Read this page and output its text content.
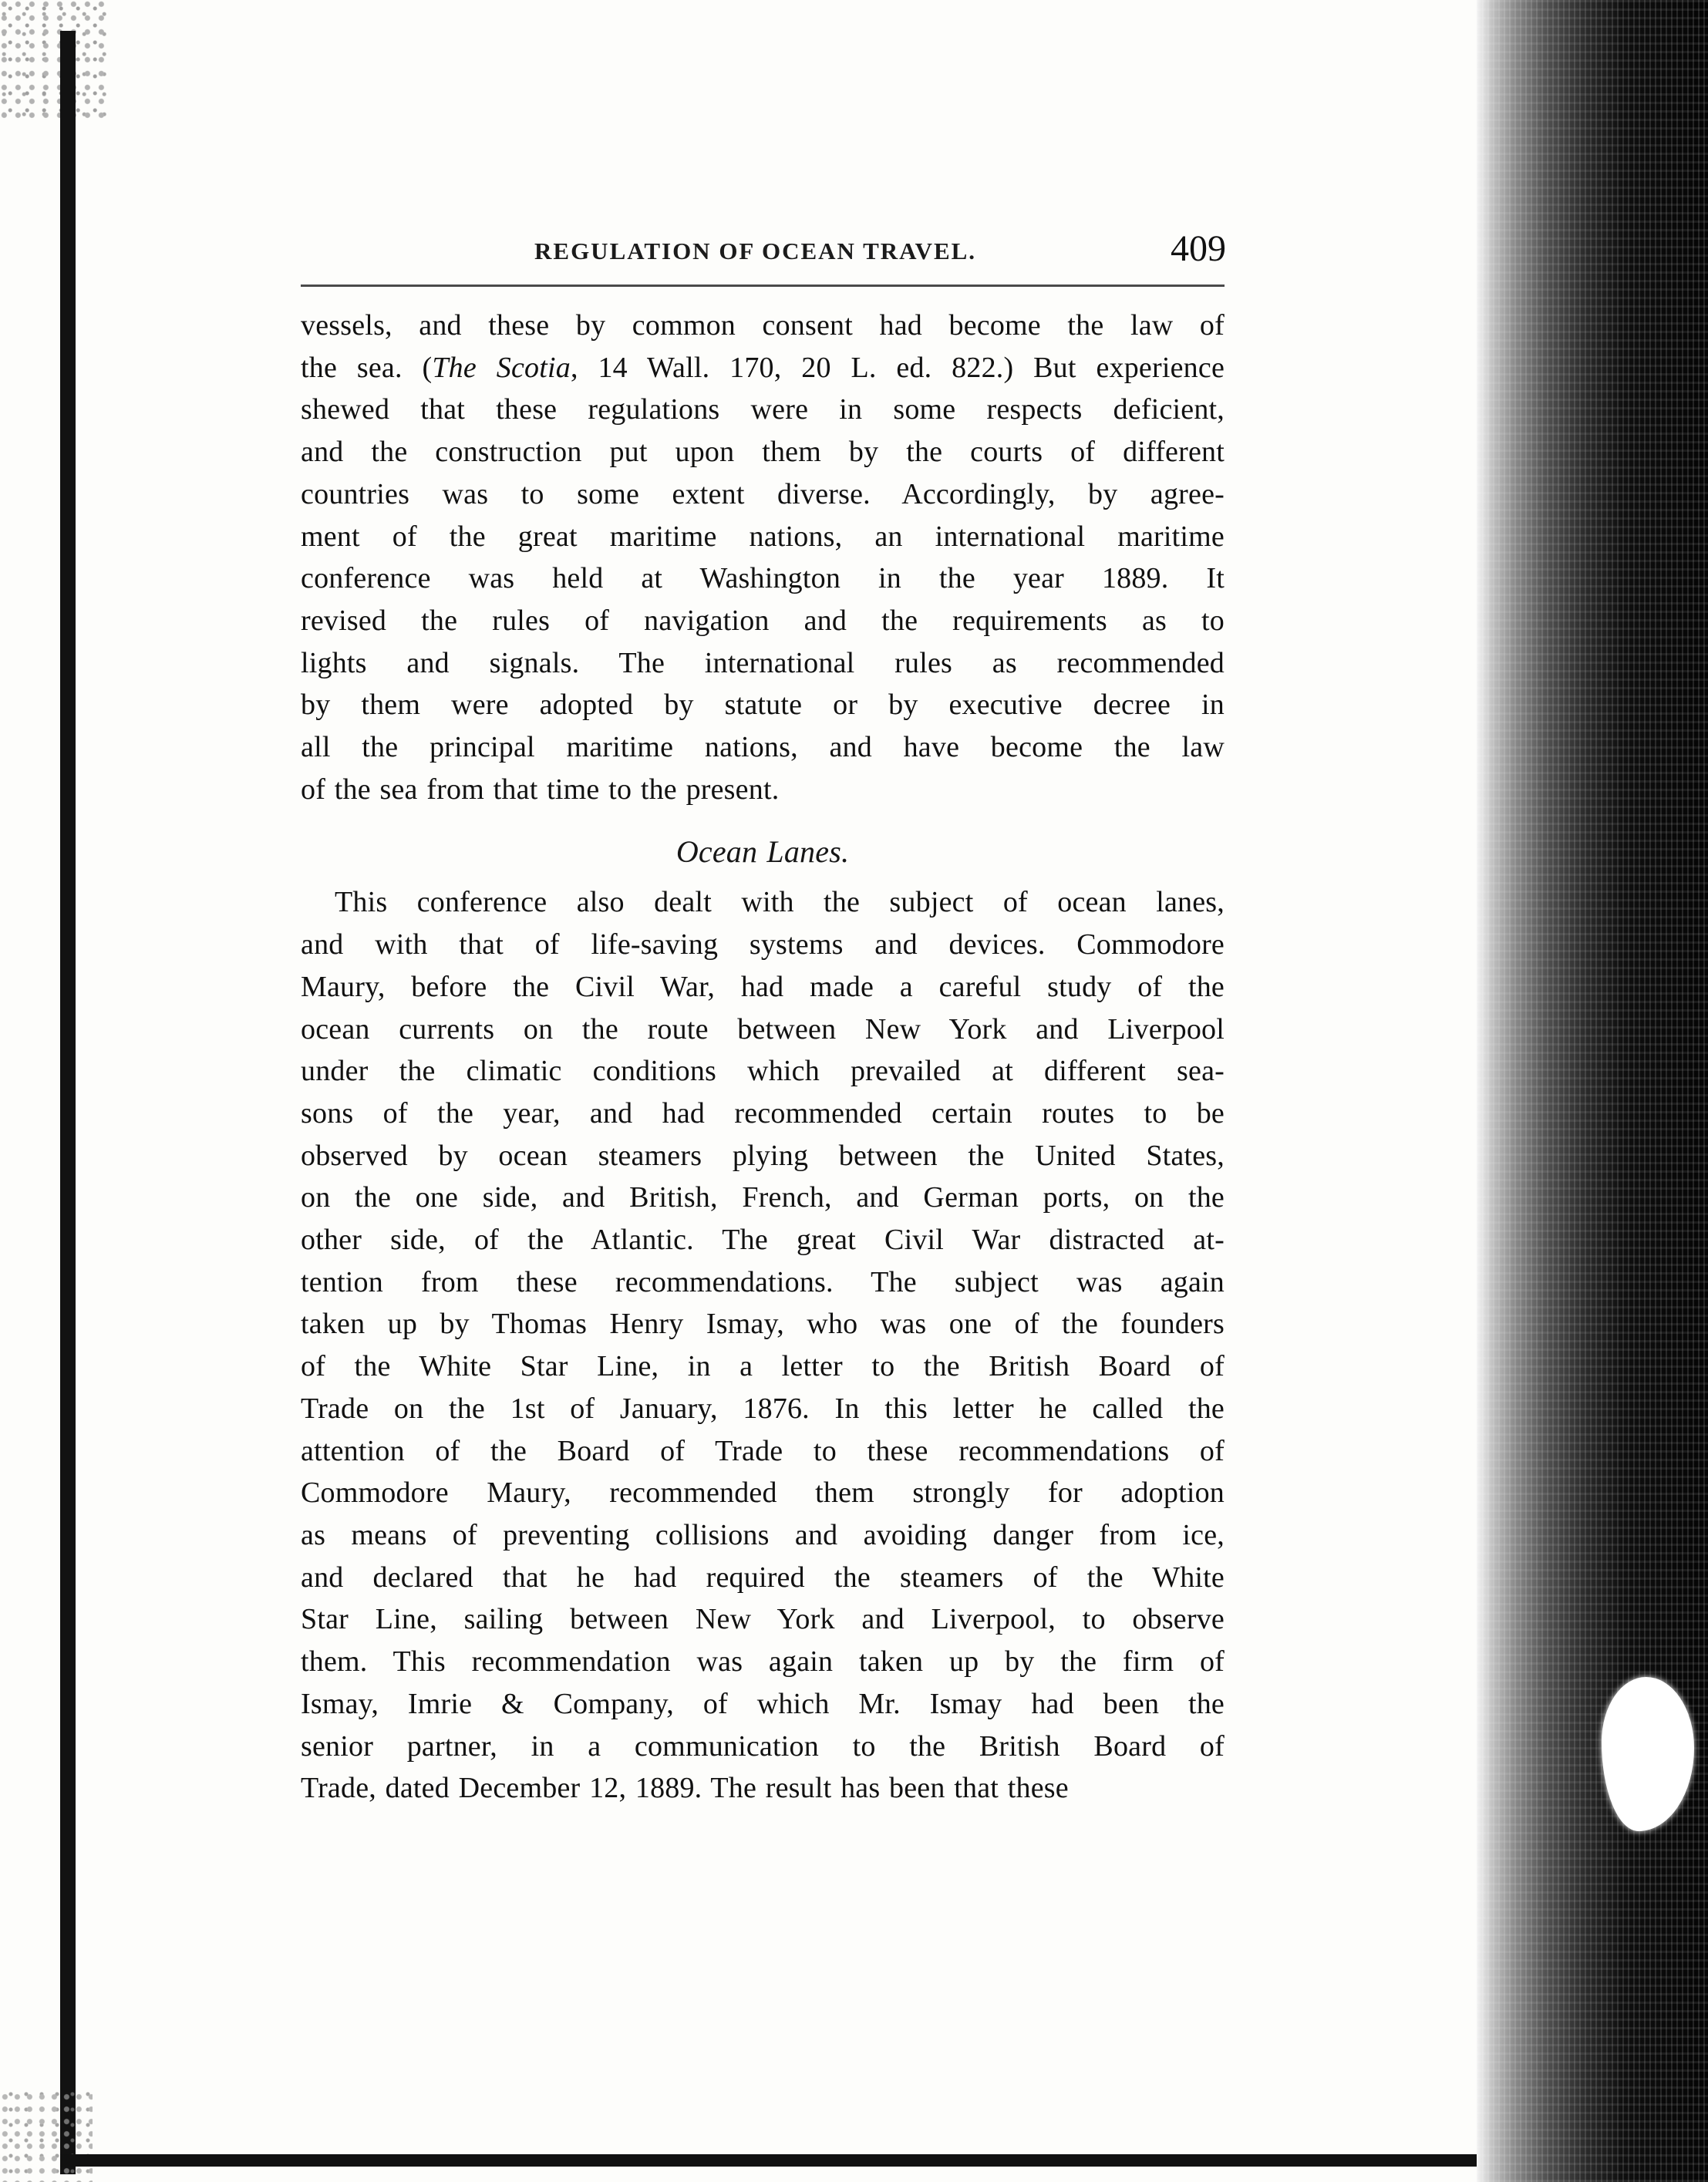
REGULATION OF OCEAN TRAVEL.	409

vessels, and these by common consent had become the law of
the sea. (The Scotia, 14 Wall. 170, 20 L. ed. 822.) But experience
shewed that these regulations were in some respects deficient,
and the construction put upon them by the courts of different
countries was to some extent diverse. Accordingly, by agree-
ment of the great maritime nations, an international maritime
conference was held at Washington in the year 1889. It
revised the rules of navigation and the requirements as to
lights and signals. The international rules as recommended
by them were adopted by statute or by executive decree in
all the principal maritime nations, and have become the law
of the sea from that time to the present.
Ocean Lanes.
This conference also dealt with the subject of ocean lanes,
and with that of life-saving systems and devices. Commodore
Maury, before the Civil War, had made a careful study of the
ocean currents on the route between New York and Liverpool
under the climatic conditions which prevailed at different sea-
sons of the year, and had recommended certain routes to be
observed by ocean steamers plying between the United States,
on the one side, and British, French, and German ports, on the
other side, of the Atlantic. The great Civil War distracted at-
tention from these recommendations. The subject was again
taken up by Thomas Henry Ismay, who was one of the founders
of the White Star Line, in a letter to the British Board of
Trade on the 1st of January, 1876. In this letter he called the
attention of the Board of Trade to these recommendations of
Commodore Maury, recommended them strongly for adoption
as means of preventing collisions and avoiding danger from ice,
and declared that he had required the steamers of the White
Star Line, sailing between New York and Liverpool, to observe
them. This recommendation was again taken up by the firm of
Ismay, Imrie & Company, of which Mr. Ismay had been the
senior partner, in a communication to the British Board of
Trade, dated December 12, 1889. The result has been that these
